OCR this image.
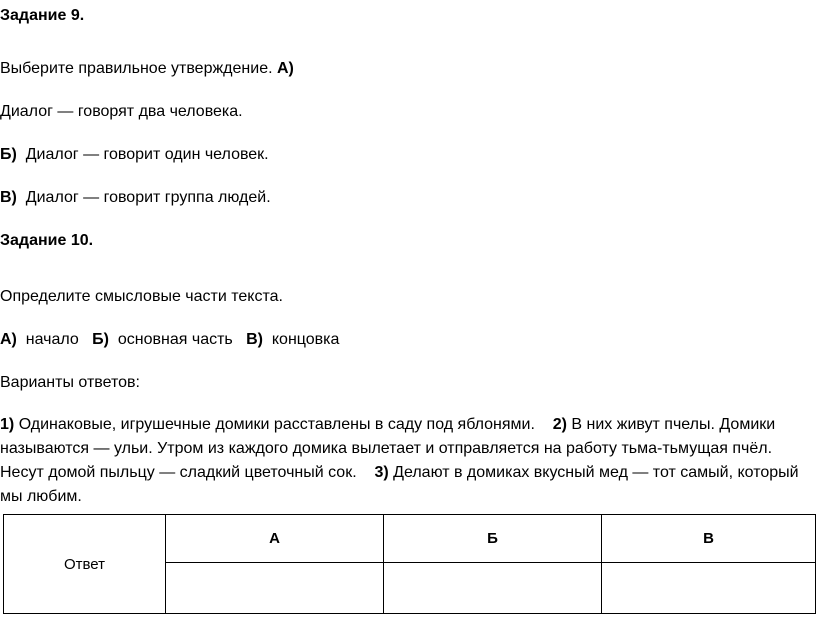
Задание 9.
Выберите правильное утверждение. А)
Диалог — говорят два человека.
Б) Диалог — говорит один человек.
В) Диалог — говорит группа людей.
Задание 10.
Определите смысловые части текста.
А) начало Б) основная часть В) концовка
Варианты ответов:
1) Одинаковые, игрушечные домики расставлены в саду под яблонями. 2) В них живут пчелы. Домики называются — ульи. Утром из каждого домика вылетает и отправляется на работу тьма-тьмущая пчёл. Несут домой пыльцу — сладкий цветочный сок. 3) Делают в домиках вкусный мед — тот самый, который мы любим.
Ответ	А	Б	В
